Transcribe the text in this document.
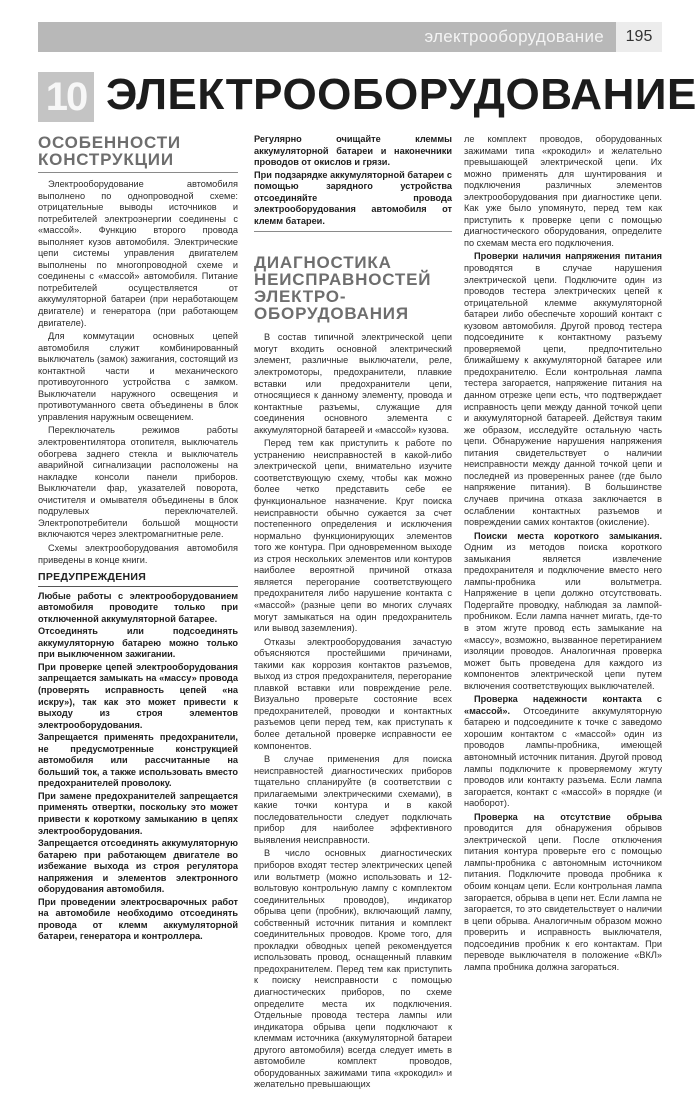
электрооборудование	195
10 ЭЛЕКТРООБОРУДОВАНИЕ
ОСОБЕННОСТИ
КОНСТРУКЦИИ

Электрооборудование автомобиля выполнено по однопроводной схеме: отрицательные выводы источников и потребителей электроэнергии соединены с «массой». Функцию второго провода выполняет кузов автомобиля. Электрические цепи системы управления двигателем выполнены по многопроводной схеме и соединены с «массой» автомобиля. Питание потребителей осуществляется от аккумуляторной батареи (при неработающем двигателе) и генератора (при работающем двигателе).

Для коммутации основных цепей автомобиля служит комбинированный выключатель (замок) зажигания, состоящий из контактной части и механического противоугонного устройства с замком. Выключатели наружного освещения и противотуманного света объединены в блок управления наружным освещением.

Переключатель режимов работы электровентилятора отопителя, выключатель обогрева заднего стекла и выключатель аварийной сигнализации расположены на накладке консоли панели приборов. Выключатели фар, указателей поворота, очистителя и омывателя объединены в блок подрулевых переключателей. Электропотребители большой мощности включаются через электромагнитные реле.

Схемы электрооборудования автомобиля приведены в конце книги.

ПРЕДУПРЕЖДЕНИЯ

Любые работы с электрооборудованием автомобиля проводите только при отключенной аккумуляторной батарее.

Отсоединять или подсоединять аккумуляторную батарею можно только при выключенном зажигании.

При проверке цепей электрооборудования запрещается замыкать на «массу» провода (проверять исправность цепей «на искру»), так как это может привести к выходу из строя элементов электрооборудования.

Запрещается применять предохранители, не предусмотренные конструкцией автомобиля или рассчитанные на больший ток, а также использовать вместо предохранителей проволоку.

При замене предохранителей запрещается применять отвертки, поскольку это может привести к короткому замыканию в цепях электрооборудования.

Запрещается отсоединять аккумуляторную батарею при работающем двигателе во избежание выхода из строя регулятора напряжения и элементов электронного оборудования автомобиля.

При проведении электросварочных работ на автомобиле необходимо отсоединять провода от клемм аккумуляторной батареи, генератора и контроллера.

Регулярно очищайте клеммы аккумуляторной батареи и наконечники проводов от окислов и грязи.

При подзарядке аккумуляторной батареи с помощью зарядного устройства отсоединяйте провода электрооборудования автомобиля от клемм батареи.

ДИАГНОСТИКА
НЕИСПРАВНОСТЕЙ
ЭЛЕКТРО-
ОБОРУДОВАНИЯ

В состав типичной электрической цепи могут входить основной электрический элемент, различные выключатели, реле, электромоторы, предохранители, плавкие вставки или предохранители цепи, относящиеся к данному элементу, провода и контактные разъемы, служащие для соединения основного элемента с аккумуляторной батареей и «массой» кузова.

Перед тем как приступить к работе по устранению неисправностей в какой-либо электрической цепи, внимательно изучите соответствующую схему, чтобы как можно более четко представить себе ее функциональное назначение. Круг поиска неисправности обычно сужается за счет постепенного определения и исключения нормально функционирующих элементов того же контура. При одновременном выходе из строя нескольких элементов или контуров наиболее вероятной причиной отказа является перегорание соответствующего предохранителя либо нарушение контакта с «массой» (разные цепи во многих случаях могут замыкаться на один предохранитель или вывод заземления).

Отказы электрооборудования зачастую объясняются простейшими причинами, такими как коррозия контактов разъемов, выход из строя предохранителя, перегорание плавкой вставки или повреждение реле. Визуально проверьте состояние всех предохранителей, проводки и контактных разъемов цепи перед тем, как приступать к более детальной проверке исправности ее компонентов.

В случае применения для поиска неисправностей диагностических приборов тщательно спланируйте (в соответствии с прилагаемыми электрическими схемами), в какие точки контура и в какой последовательности следует подключать прибор для наиболее эффективного выявления неисправности.

В число основных диагностических приборов входят тестер электрических цепей или вольтметр (можно использовать и 12-вольтовую контрольную лампу с комплектом соединительных проводов), индикатор обрыва цепи (пробник), включающий лампу, собственный источник питания и комплект соединительных проводов. Кроме того, для прокладки обводных цепей рекомендуется использовать провод, оснащенный плавким предохранителем. Перед тем как приступить к поиску неисправности с помощью диагностических приборов, по схеме определите места их подключения. Отдельные провода тестера лампы или индикатора обрыва цепи подключают к клеммам источника (аккумуляторной батареи другого автомобиля) всегда следует иметь в автомобиле комплект проводов, оборудованных зажимами типа «крокодил» и желательно превышающих

ле комплект проводов, оборудованных зажимами типа «крокодил» и желательно превышающей электрической цепи. Их можно применять для шунтирования и подключения различных элементов электрооборудования при диагностике цепи. Как уже было упомянуто, перед тем как приступить к проверке цепи с помощью диагностического оборудования, определите по схемам места его подключения.

Проверки наличия напряжения питания проводятся в случае нарушения электрической цепи. Подключите один из проводов тестера электрических цепей к отрицательной клемме аккумуляторной батареи либо обеспечьте хороший контакт с кузовом автомобиля. Другой провод тестера подсоедините к контактному разъему проверяемой цепи, предпочтительно ближайшему к аккумуляторной батарее или предохранителю. Если контрольная лампа тестера загорается, напряжение питания на данном отрезке цепи есть, что подтверждает исправность цепи между данной точкой цепи и аккумуляторной батареей. Действуя таким же образом, исследуйте остальную часть цепи. Обнаружение нарушения напряжения питания свидетельствует о наличии неисправности между данной точкой цепи и последней из проверенных ранее (где было напряжение питания). В большинстве случаев причина отказа заключается в ослаблении контактных разъемов и повреждении самих контактов (окисление).

Поиски места короткого замыкания. Одним из методов поиска короткого замыкания является извлечение предохранителя и подключение вместо него лампы-пробника или вольтметра. Напряжение в цепи должно отсутствовать. Подергайте проводку, наблюдая за лампой-пробником. Если лампа начнет мигать, где-то в этом жгуте провод есть замыкание на «массу», возможно, вызванное перетиранием изоляции проводов. Аналогичная проверка может быть проведена для каждого из компонентов электрической цепи путем включения соответствующих выключателей.

Проверка надежности контакта с «массой». Отсоедините аккумуляторную батарею и подсоедините к точке с заведомо хорошим контактом с «массой» один из проводов лампы-пробника, имеющей автономный источник питания. Другой провод лампы подключите к проверяемому жгуту проводов или контакту разъема. Если лампа загорается, контакт с «массой» в порядке (и наоборот).

Проверка на отсутствие обрыва проводится для обнаружения обрывов электрической цепи. После отключения питания контура проверьте его с помощью лампы-пробника с автономным источником питания. Подключите провода пробника к обоим концам цепи. Если контрольная лампа загорается, обрыва в цепи нет. Если лампа не загорается, то это свидетельствует о наличии в цепи обрыва. Аналогичным образом можно проверить и исправность выключателя, подсоединив пробник к его контактам. При переводе выключателя в положение «ВКЛ» лампа пробника должна загораться.
